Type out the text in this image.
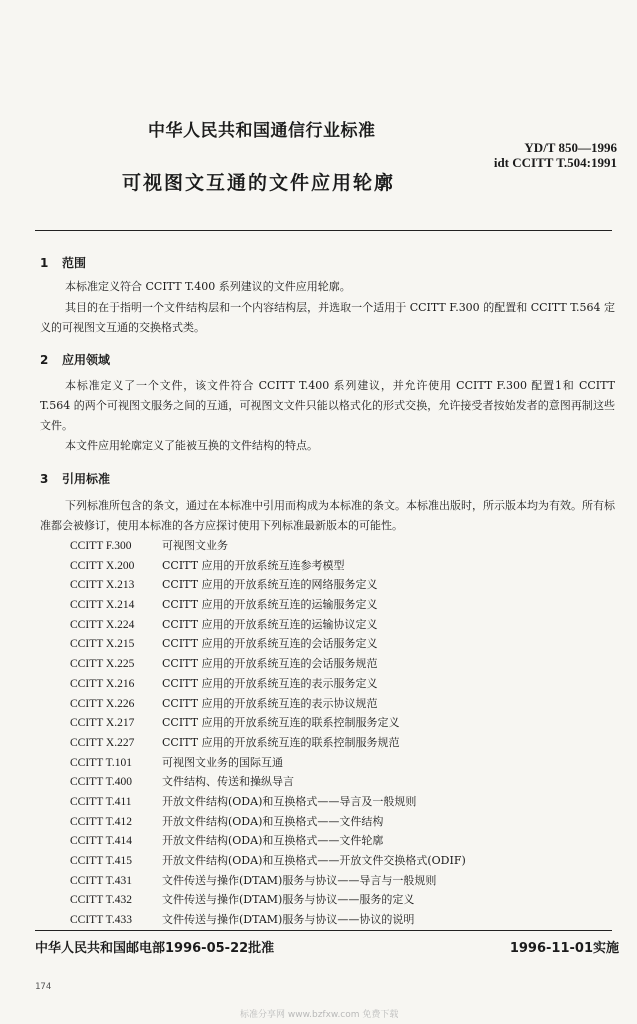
中华人民共和国通信行业标准
YD/T 850—1996
idt CCITT T.504:1991
可视图文互通的文件应用轮廓
1 范围
本标准定义符合 CCITT T.400 系列建议的文件应用轮廓。
其目的在于指明一个文件结构层和一个内容结构层，并选取一个适用于 CCITT F.300 的配置和 CCITT T.564 定义的可视图文互通的交换格式类。
2 应用领域
本标准定义了一个文件，该文件符合 CCITT T.400 系列建议，并允许使用 CCITT F.300 配置1和 CCITT T.564 的两个可视图文服务之间的互通，可视图文文件只能以格式化的形式交换，允许接受者按始发者的意图再制这些文件。
本文件应用轮廓定义了能被互换的文件结构的特点。
3 引用标准
下列标准所包含的条文，通过在本标准中引用而构成为本标准的条文。本标准出版时，所示版本均为有效。所有标准都会被修订，使用本标准的各方应探讨使用下列标准最新版本的可能性。
CCITT F.300	可视图文业务
CCITT X.200	CCITT 应用的开放系统互连参考模型
CCITT X.213	CCITT 应用的开放系统互连的网络服务定义
CCITT X.214	CCITT 应用的开放系统互连的运输服务定义
CCITT X.224	CCITT 应用的开放系统互连的运输协议定义
CCITT X.215	CCITT 应用的开放系统互连的会话服务定义
CCITT X.225	CCITT 应用的开放系统互连的会话服务规范
CCITT X.216	CCITT 应用的开放系统互连的表示服务定义
CCITT X.226	CCITT 应用的开放系统互连的表示协议规范
CCITT X.217	CCITT 应用的开放系统互连的联系控制服务定义
CCITT X.227	CCITT 应用的开放系统互连的联系控制服务规范
CCITT T.101	可视图文业务的国际互通
CCITT T.400	文件结构、传送和操纵导言
CCITT T.411	开放文件结构(ODA)和互换格式——导言及一般规则
CCITT T.412	开放文件结构(ODA)和互换格式——文件结构
CCITT T.414	开放文件结构(ODA)和互换格式——文件轮廓
CCITT T.415	开放文件结构(ODA)和互换格式——开放文件交换格式(ODIF)
CCITT T.431	文件传送与操作(DTAM)服务与协议——导言与一般规则
CCITT T.432	文件传送与操作(DTAM)服务与协议——服务的定义
CCITT T.433	文件传送与操作(DTAM)服务与协议——协议的说明
中华人民共和国邮电部1996-05-22批准	1996-11-01实施
174
标准分享网 www.bzfxw.com 免费下载
